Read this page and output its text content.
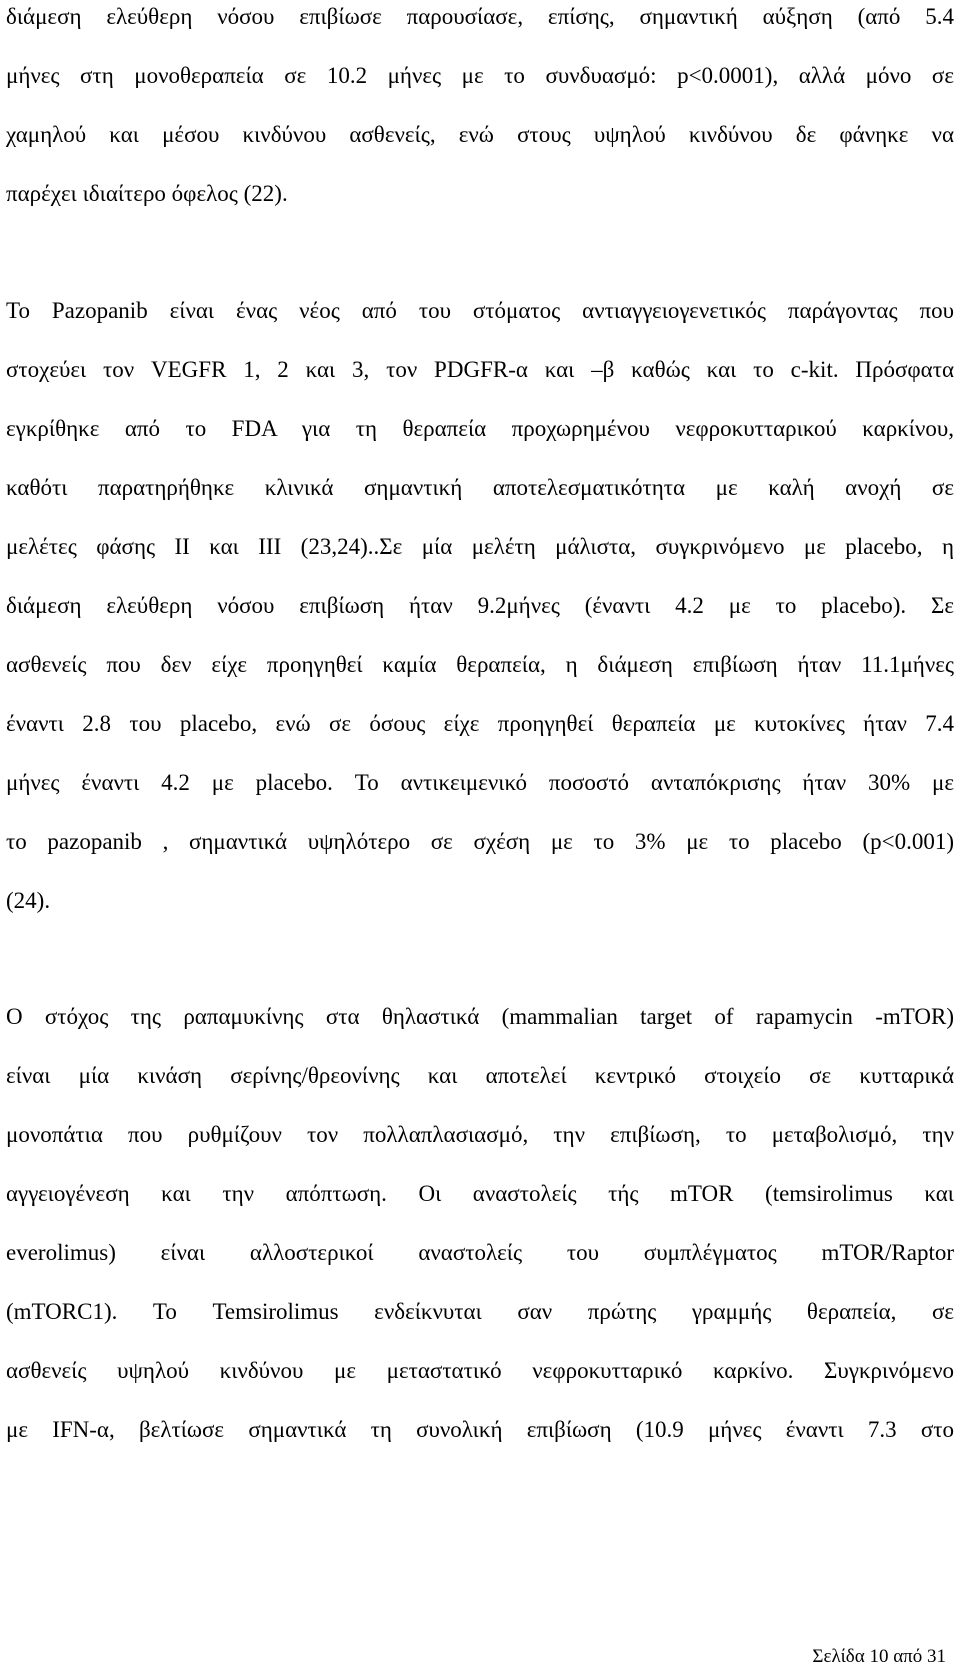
διάμεση ελεύθερη νόσου επιβίωσε παρουσίασε, επίσης, σημαντική αύξηση (από 5.4
μήνες στη μονοθεραπεία σε 10.2 μήνες με το συνδυασμό: p<0.0001), αλλά μόνο σε
χαμηλού και μέσου κινδύνου ασθενείς, ενώ στους υψηλού κινδύνου δε φάνηκε να
παρέχει ιδιαίτερο όφελος (22).
Το Pazopanib είναι ένας νέος από του στόματος αντιαγγειογενετικός παράγοντας που
στοχεύει τον VEGFR 1, 2 και 3, τον PDGFR-α και –β καθώς και το c-kit. Πρόσφατα
εγκρίθηκε από το FDA για τη θεραπεία προχωρημένου νεφροκυτταρικού καρκίνου,
καθότι παρατηρήθηκε κλινικά σημαντική αποτελεσματικότητα με καλή ανοχή σε
μελέτες φάσης II και III (23,24)..Σε μία μελέτη μάλιστα, συγκρινόμενο με placebo, η
διάμεση ελεύθερη νόσου επιβίωση ήταν 9.2μήνες (έναντι 4.2 με το placebo). Σε
ασθενείς που δεν είχε προηγηθεί καμία θεραπεία, η διάμεση επιβίωση ήταν 11.1μήνες
έναντι 2.8 του placebo, ενώ σε όσους είχε προηγηθεί θεραπεία με κυτοκίνες ήταν 7.4
μήνες έναντι 4.2 με placebo. Το αντικειμενικό ποσοστό ανταπόκρισης ήταν 30% με
το pazopanib , σημαντικά υψηλότερο σε σχέση με το 3% με το placebo (p<0.001)
(24).
Ο στόχος της ραπαμυκίνης στα θηλαστικά (mammalian target of rapamycin -mTOR)
είναι μία κινάση σερίνης/θρεονίνης και αποτελεί κεντρικό στοιχείο σε κυτταρικά
μονοπάτια που ρυθμίζουν τον πολλαπλασιασμό, την επιβίωση, το μεταβολισμό, την
αγγειογένεση και την απόπτωση. Οι αναστολείς τής mTOR (temsirolimus και
everolimus) είναι αλλοστερικοί αναστολείς του συμπλέγματος mTOR/Raptor
(mTORC1). Το Temsirolimus ενδείκνυται σαν πρώτης γραμμής θεραπεία, σε
ασθενείς υψηλού κινδύνου με μεταστατικό νεφροκυτταρικό καρκίνο. Συγκρινόμενο
με IFN-α, βελτίωσε σημαντικά τη συνολική επιβίωση (10.9 μήνες έναντι 7.3 στο
Σελίδα 10 από 31
